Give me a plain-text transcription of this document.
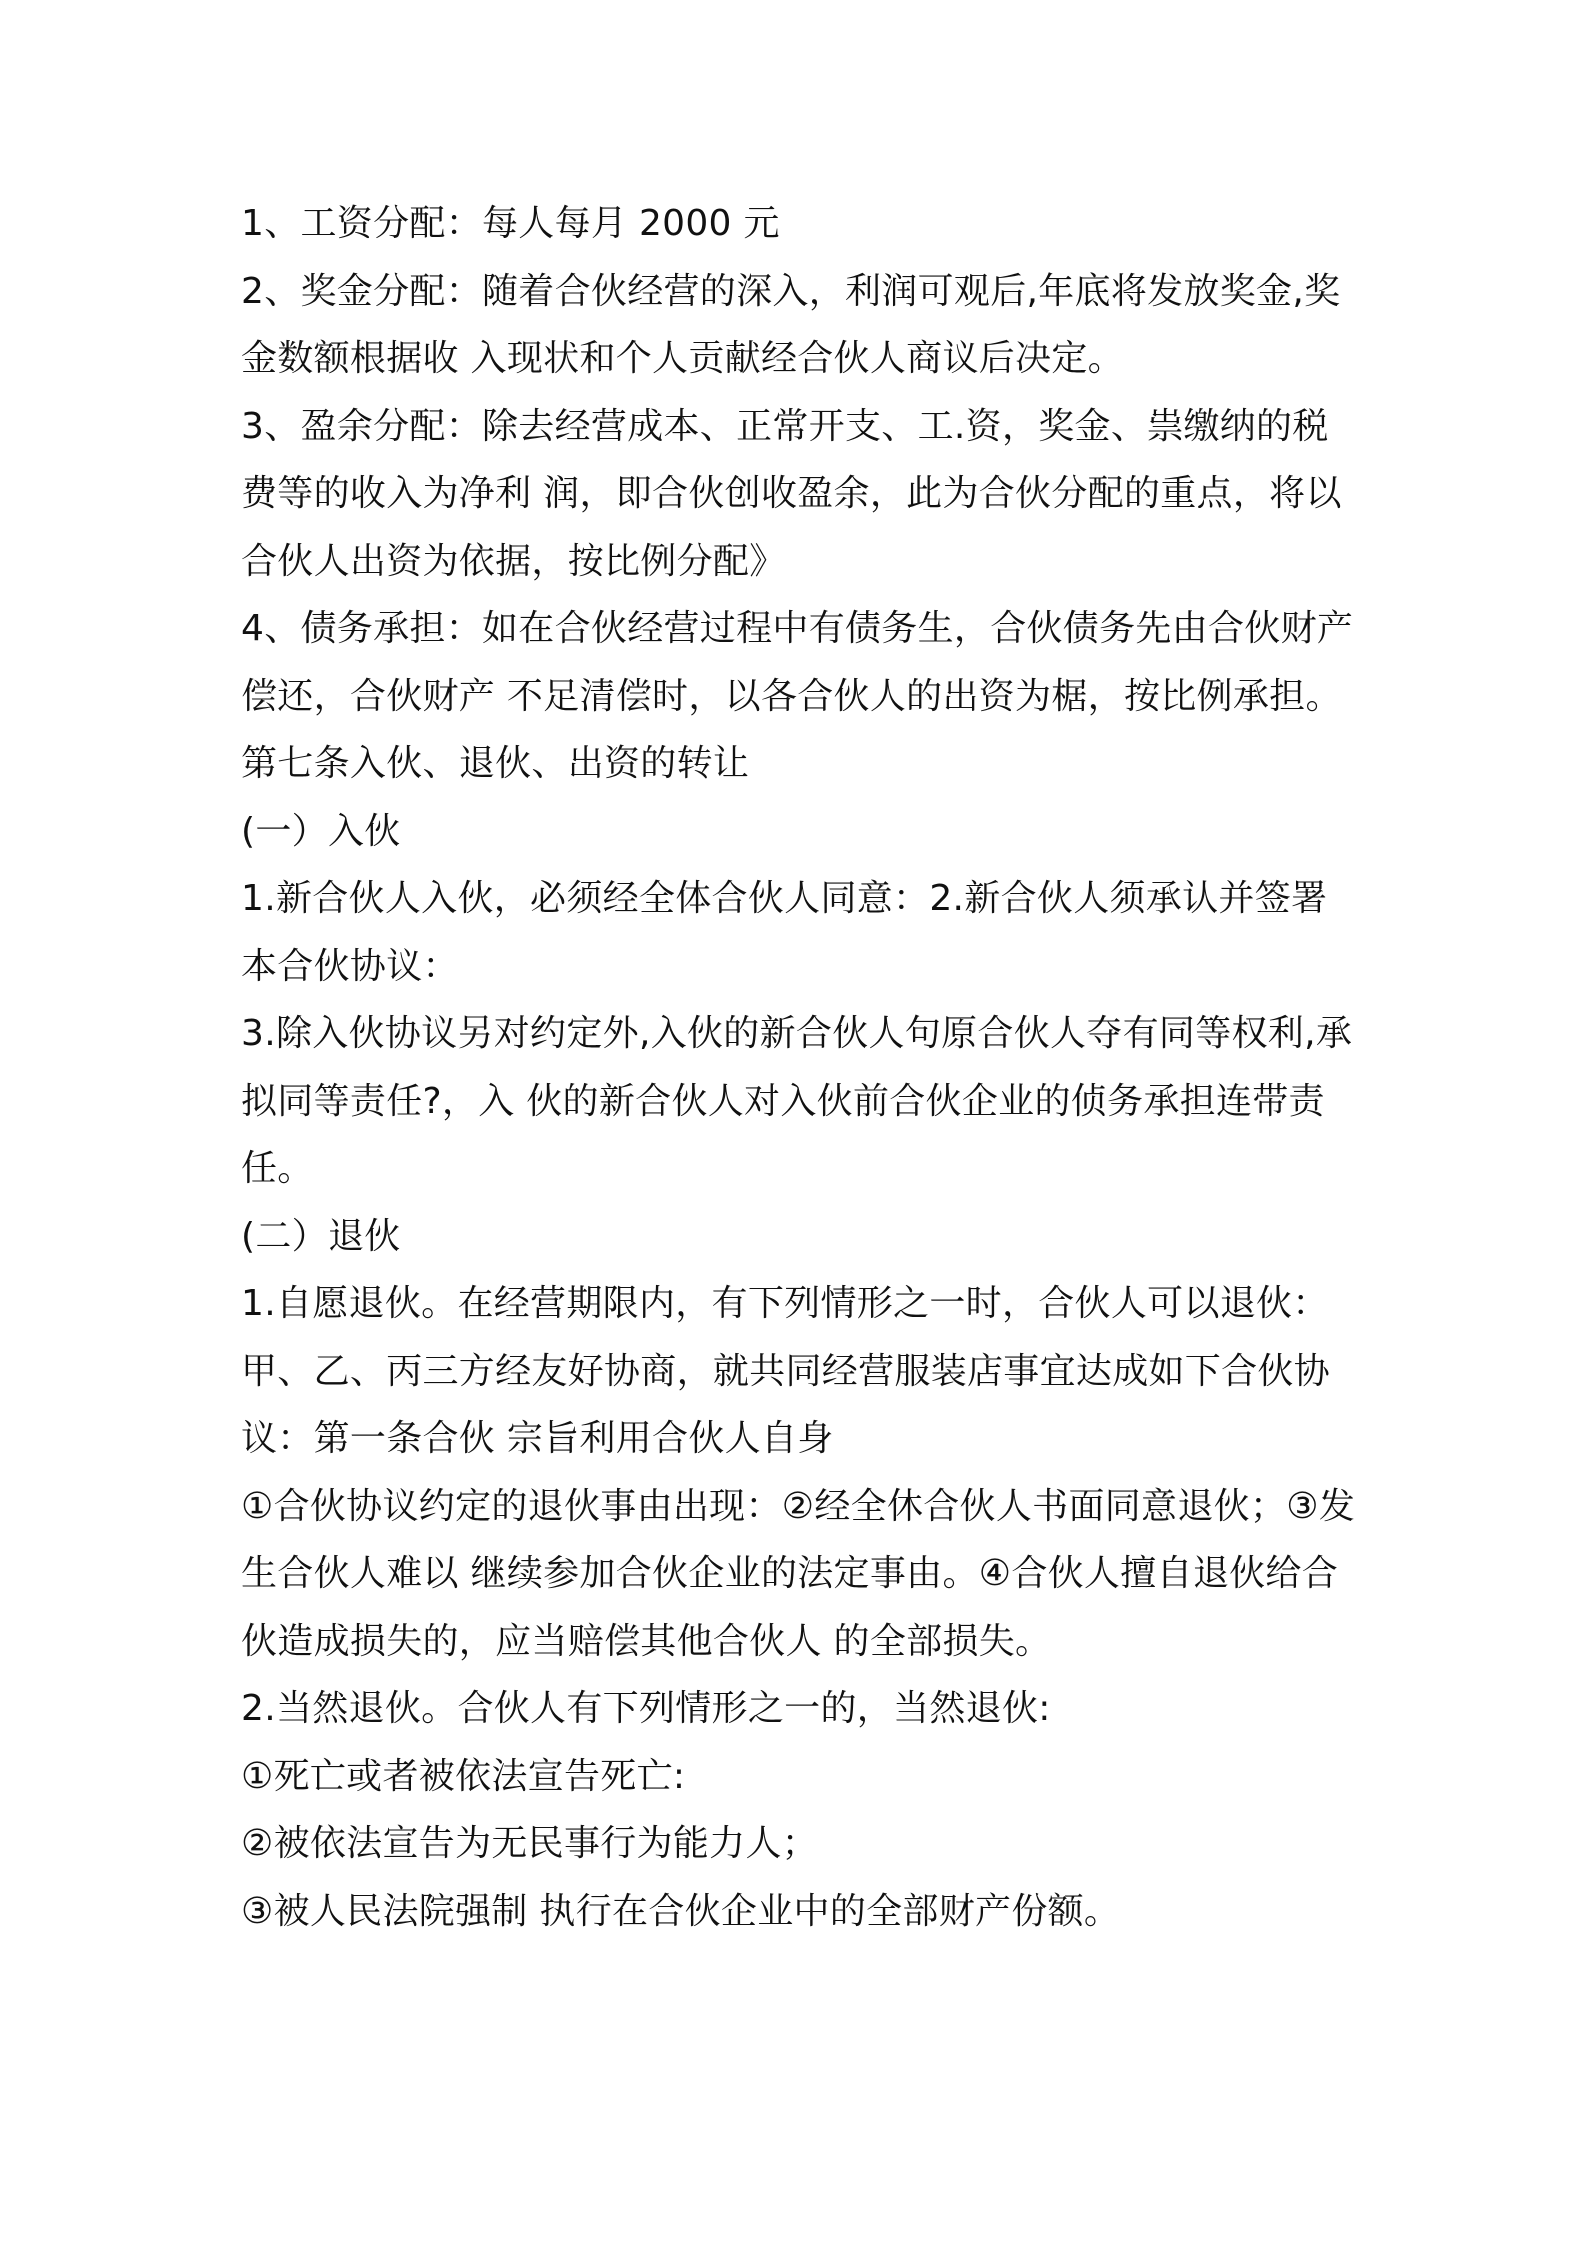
1、工资分配：每人每月 2000 元

2、奖金分配：随着合伙经营的深入，利润可观后,年底将发放奖金,奖金数额根据收 入现状和个人贡献经合伙人商议后决定。

3、盈余分配：除去经营成本、正常开支、工.资，奖金、祟缴纳的税费等的收入为净利 润，即合伙创收盈余，此为合伙分配的重点，将以合伙人出资为依据，按比例分配》

4、债务承担：如在合伙经营过程中有债务生，合伙债务先由合伙财产偿还，合伙财产 不足清偿时，以各合伙人的出资为椐，按比例承担。

第七条入伙、退伙、出资的转让

(一）入伙

1.新合伙人入伙，必须经全体合伙人同意：2.新合伙人须承认并签署本合伙协议：

3.除入伙协议另对约定外,入伙的新合伙人句原合伙人夺有同等权利,承拟同等责任?，入 伙的新合伙人对入伙前合伙企业的侦务承担连带责任。

(二）退伙

1.自愿退伙。在经营期限内，有下列情形之一时，合伙人可以退伙：甲、乙、丙三方经友好协商，就共同经营服装店事宜达成如下合伙协议：第一条合伙 宗旨利用合伙人自身

①合伙协议约定的退伙事由出现：②经全休合伙人书面同意退伙；③发生合伙人难以 继续参加合伙企业的法定事由。④合伙人擅自退伙给合伙造成损失的，应当赔偿其他合伙人 的全部损失。

2.当然退伙。合伙人有下列情形之一的，当然退伙:

①死亡或者被依法宣告死亡:

②被依法宣告为无民事行为能力人；

③被人民法院强制 执行在合伙企业中的全部财产份额。
